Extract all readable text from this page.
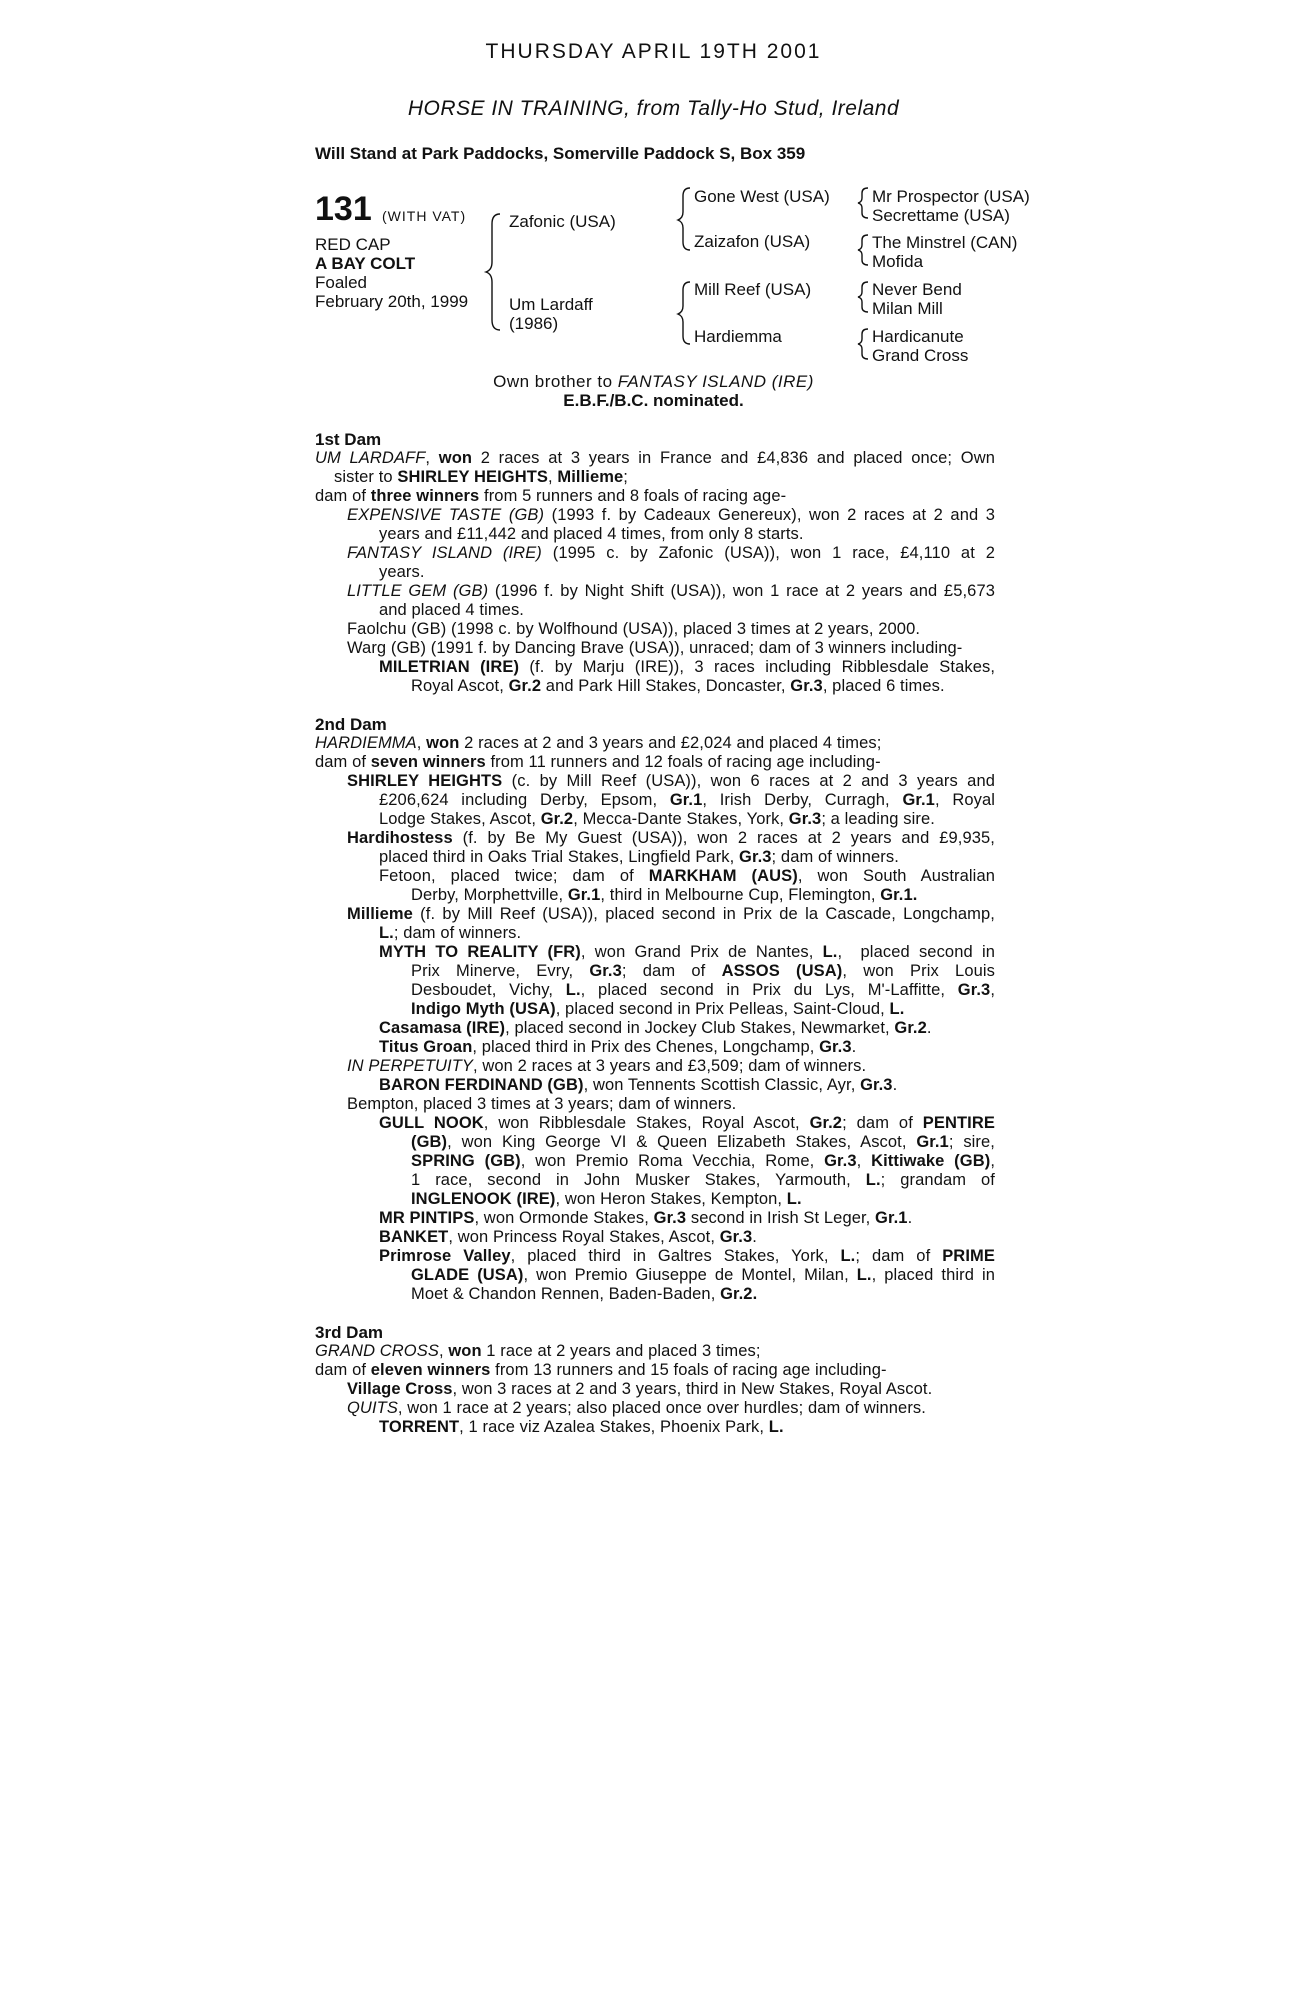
THURSDAY APRIL 19TH 2001
HORSE IN TRAINING, from Tally-Ho Stud, Ireland
Will Stand at Park Paddocks, Somerville Paddock S, Box 359
131 (WITH VAT)
RED CAP
A BAY COLT
Foaled
February 20th, 1999
Zafonic (USA)
Um Lardaff
(1986)
Gone West (USA)
Zaizafon (USA)
Mill Reef (USA)
Hardiemma
Mr Prospector (USA)
Secrettame (USA)
The Minstrel (CAN)
Mofida
Never Bend
Milan Mill
Hardicanute
Grand Cross
Own brother to FANTASY ISLAND (IRE)
E.B.F./B.C. nominated.
1st Dam
UM LARDAFF, won 2 races at 3 years in France and £4,836 and placed once; Own
sister to SHIRLEY HEIGHTS, Millieme;
dam of three winners from 5 runners and 8 foals of racing age-
EXPENSIVE TASTE (GB) (1993 f. by Cadeaux Genereux), won 2 races at 2 and 3
years and £11,442 and placed 4 times, from only 8 starts.
FANTASY ISLAND (IRE) (1995 c. by Zafonic (USA)), won 1 race, £4,110 at 2
years.
LITTLE GEM (GB) (1996 f. by Night Shift (USA)), won 1 race at 2 years and £5,673
and placed 4 times.
Faolchu (GB) (1998 c. by Wolfhound (USA)), placed 3 times at 2 years, 2000.
Warg (GB) (1991 f. by Dancing Brave (USA)), unraced; dam of 3 winners including-
MILETRIAN (IRE) (f. by Marju (IRE)), 3 races including Ribblesdale Stakes,
Royal Ascot, Gr.2 and Park Hill Stakes, Doncaster, Gr.3, placed 6 times.
2nd Dam
HARDIEMMA, won 2 races at 2 and 3 years and £2,024 and placed 4 times;
dam of seven winners from 11 runners and 12 foals of racing age including-
SHIRLEY HEIGHTS (c. by Mill Reef (USA)), won 6 races at 2 and 3 years and
£206,624 including Derby, Epsom, Gr.1, Irish Derby, Curragh, Gr.1, Royal
Lodge Stakes, Ascot, Gr.2, Mecca-Dante Stakes, York, Gr.3; a leading sire.
Hardihostess (f. by Be My Guest (USA)), won 2 races at 2 years and £9,935,
placed third in Oaks Trial Stakes, Lingfield Park, Gr.3; dam of winners.
Fetoon, placed twice; dam of MARKHAM (AUS), won South Australian
Derby, Morphettville, Gr.1, third in Melbourne Cup, Flemington, Gr.1.
Millieme (f. by Mill Reef (USA)), placed second in Prix de la Cascade, Longchamp,
L.; dam of winners.
MYTH TO REALITY (FR), won Grand Prix de Nantes, L.,  placed second in
Prix Minerve, Evry, Gr.3; dam of ASSOS (USA), won Prix Louis
Desboudet, Vichy, L., placed second in Prix du Lys, M'-Laffitte, Gr.3,
Indigo Myth (USA), placed second in Prix Pelleas, Saint-Cloud, L.
Casamasa (IRE), placed second in Jockey Club Stakes, Newmarket, Gr.2.
Titus Groan, placed third in Prix des Chenes, Longchamp, Gr.3.
IN PERPETUITY, won 2 races at 3 years and £3,509; dam of winners.
BARON FERDINAND (GB), won Tennents Scottish Classic, Ayr, Gr.3.
Bempton, placed 3 times at 3 years; dam of winners.
GULL NOOK, won Ribblesdale Stakes, Royal Ascot, Gr.2; dam of PENTIRE
(GB), won King George VI & Queen Elizabeth Stakes, Ascot, Gr.1; sire,
SPRING (GB), won Premio Roma Vecchia, Rome, Gr.3, Kittiwake (GB),
1 race, second in John Musker Stakes, Yarmouth, L.; grandam of
INGLENOOK (IRE), won Heron Stakes, Kempton, L.
MR PINTIPS, won Ormonde Stakes, Gr.3 second in Irish St Leger, Gr.1.
BANKET, won Princess Royal Stakes, Ascot, Gr.3.
Primrose Valley, placed third in Galtres Stakes, York, L.; dam of PRIME
GLADE (USA), won Premio Giuseppe de Montel, Milan, L., placed third in
Moet & Chandon Rennen, Baden-Baden, Gr.2.
3rd Dam
GRAND CROSS, won 1 race at 2 years and placed 3 times;
dam of eleven winners from 13 runners and 15 foals of racing age including-
Village Cross, won 3 races at 2 and 3 years, third in New Stakes, Royal Ascot.
QUITS, won 1 race at 2 years; also placed once over hurdles; dam of winners.
TORRENT, 1 race viz Azalea Stakes, Phoenix Park, L.
